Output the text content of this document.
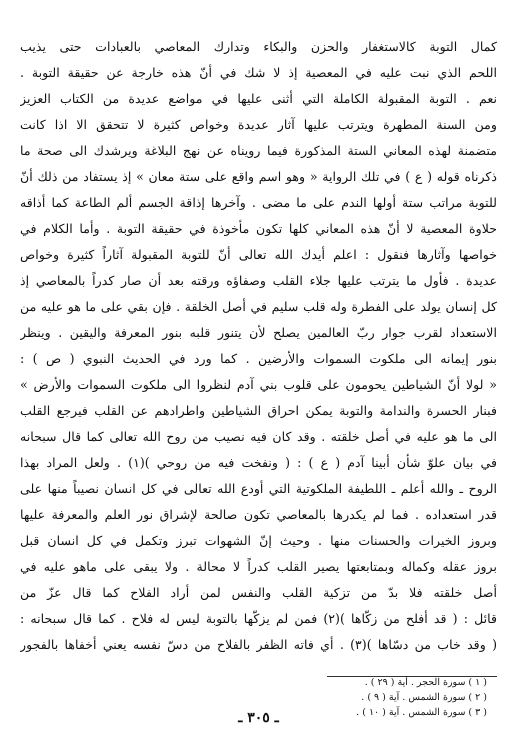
كمال التوبة كالاستغفار والحزن والبكاء وتدارك المعاصي بالعبادات حتى يذيب
اللحم الذي نبت عليه في المعصية إذ لا شك في أنّ هذه خارجة عن حقيقة التوبة .
نعم . التوبة المقبولة الكاملة التي أثنى عليها في مواضع عديدة من الكتاب العزيز
ومن السنة المطهرة ويترتب عليها آثار عديدة وخواص كثيرة لا تتحقق الا اذا كانت
متضمنة لهذه المعاني الستة المذكورة فيما رويناه عن نهج البلاغة ويرشدك الى صحة ما
ذكرناه قوله ( ع ) في تلك الرواية « وهو اسم واقع على ستة معان » إذ يستفاد من ذلك أنّ
للتوبة مراتب ستة أولها الندم على ما مضى . وآخرها إذاقة الجسم ألم الطاعة كما أذاقه
حلاوة المعصية لا أنّ هذه المعاني كلها تكون مأخوذة في حقيقة التوبة . وأما الكلام في
خواصها وآثارها فنقول : اعلم أيدك الله تعالى أنّ للتوبة المقبولة آثاراً كثيرة وخواص
عديدة . فأول ما يترتب عليها جلاء القلب وصفاؤه ورقته بعد أن صار كدراً بالمعاصي إذ
كل إنسان يولد على الفطرة وله قلب سليم في أصل الخلقة . فإن بقي على ما هو عليه من
الاستعداد لقرب جوار ربّ العالمين يصلح لأن يتنور قلبه بنور المعرفة واليقين . وينظر
بنور إيمانه الى ملكوت السموات والأرضين . كما ورد في الحديث النبوي ( ص ) :
« لولا أنّ الشياطين يحومون على قلوب بني آدم لنظروا الى ملكوت السموات والأرض »
فبنار الحسرة والندامة والتوبة يمكن احراق الشياطين واطرادهم عن القلب فيرجع القلب
الى ما هو عليه في أصل خلقته . وقد كان فيه نصيب من روح الله تعالى كما قال سبحانه
في بيان علوّ شأن أبينا آدم ( ع ) : ( ونفخت فيه من روحي )(١) . ولعل المراد بهذا
الروح ـ والله أعلم ـ اللطيفة الملكوتية التي أودع الله تعالى في كل انسان نصيباً منها على
قدر استعداده . فما لم يكدرها بالمعاصي تكون صالحة لإشراق نور العلم والمعرفة عليها
وبروز الخيرات والحسنات منها . وحيث إنّ الشهوات تبرز وتكمل في كل انسان قبل
بروز عقله وكماله وبمتابعتها يصير القلب كدراً لا محالة . ولا يبقى على ماهو عليه في
أصل خلقته فلا بدّ من تزكية القلب والنفس لمن أراد الفلاح كما قال عزّ من
قائل : ( قد أفلح من زكّاها )(٢) فمن لم يزكّها بالتوبة ليس له فلاح . كما قال سبحانه :
( وقد خاب من دسّاها )(٣) . أي فاته الظفر بالفلاح من دسّ نفسه يعني أخفاها بالفجور
( ١ ) سورة الحجر . آية ( ٢٩ ) .
( ٢ ) سورة الشمس . آية ( ٩ ) .
( ٣ ) سورة الشمس . آية ( ١٠ ) .
ـ ٣٠٥ ـ
